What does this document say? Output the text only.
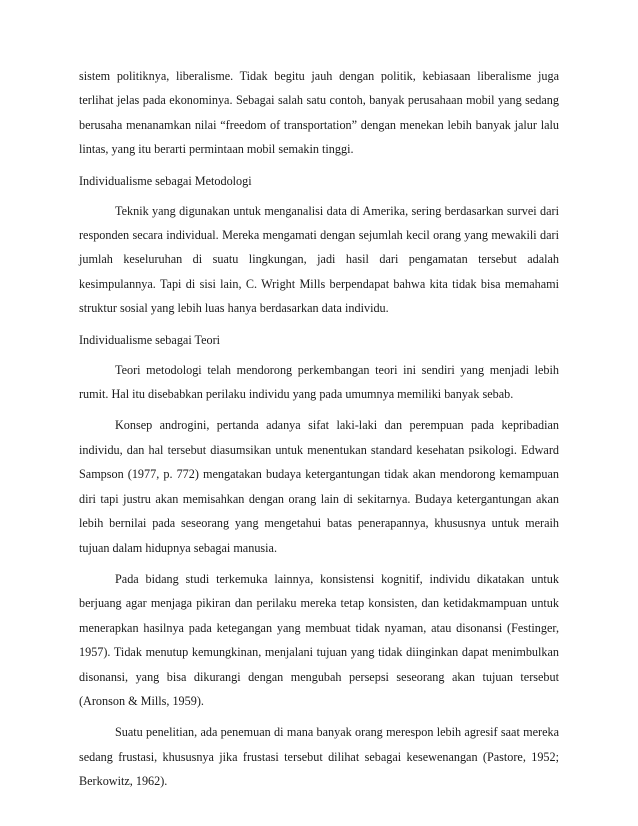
sistem politiknya, liberalisme. Tidak begitu jauh dengan politik, kebiasaan liberalisme juga terlihat jelas pada ekonominya. Sebagai salah satu contoh, banyak perusahaan mobil yang sedang berusaha menanamkan nilai “freedom of transportation” dengan menekan lebih banyak jalur lalu lintas, yang itu berarti permintaan mobil semakin tinggi.

Individualisme sebagai Metodologi

Teknik yang digunakan untuk menganalisi data di Amerika, sering berdasarkan survei dari responden secara individual. Mereka mengamati dengan sejumlah kecil orang yang mewakili dari jumlah keseluruhan di suatu lingkungan, jadi hasil dari pengamatan tersebut adalah kesimpulannya. Tapi di sisi lain, C. Wright Mills berpendapat bahwa kita tidak bisa memahami struktur sosial yang lebih luas hanya berdasarkan data individu.

Individualisme sebagai Teori

Teori metodologi telah mendorong perkembangan teori ini sendiri yang menjadi lebih rumit. Hal itu disebabkan perilaku individu yang pada umumnya memiliki banyak sebab.

Konsep androgini, pertanda adanya sifat laki-laki dan perempuan pada kepribadian individu, dan hal tersebut diasumsikan untuk menentukan standard kesehatan psikologi. Edward Sampson (1977, p. 772) mengatakan budaya ketergantungan tidak akan mendorong kemampuan diri tapi justru akan memisahkan dengan orang lain di sekitarnya. Budaya ketergantungan akan lebih bernilai pada seseorang yang mengetahui batas penerapannya, khususnya untuk meraih tujuan dalam hidupnya sebagai manusia.

Pada bidang studi terkemuka lainnya, konsistensi kognitif, individu dikatakan untuk berjuang agar menjaga pikiran dan perilaku mereka tetap konsisten, dan ketidakmampuan untuk menerapkan hasilnya pada ketegangan yang membuat tidak nyaman, atau disonansi (Festinger, 1957). Tidak menutup kemungkinan, menjalani tujuan yang tidak diinginkan dapat menimbulkan disonansi, yang bisa dikurangi dengan mengubah persepsi seseorang akan tujuan tersebut (Aronson & Mills, 1959).

Suatu penelitian, ada penemuan di mana banyak orang merespon lebih agresif saat mereka sedang frustasi, khususnya jika frustasi tersebut dilihat sebagai kesewenangan (Pastore, 1952; Berkowitz, 1962).
